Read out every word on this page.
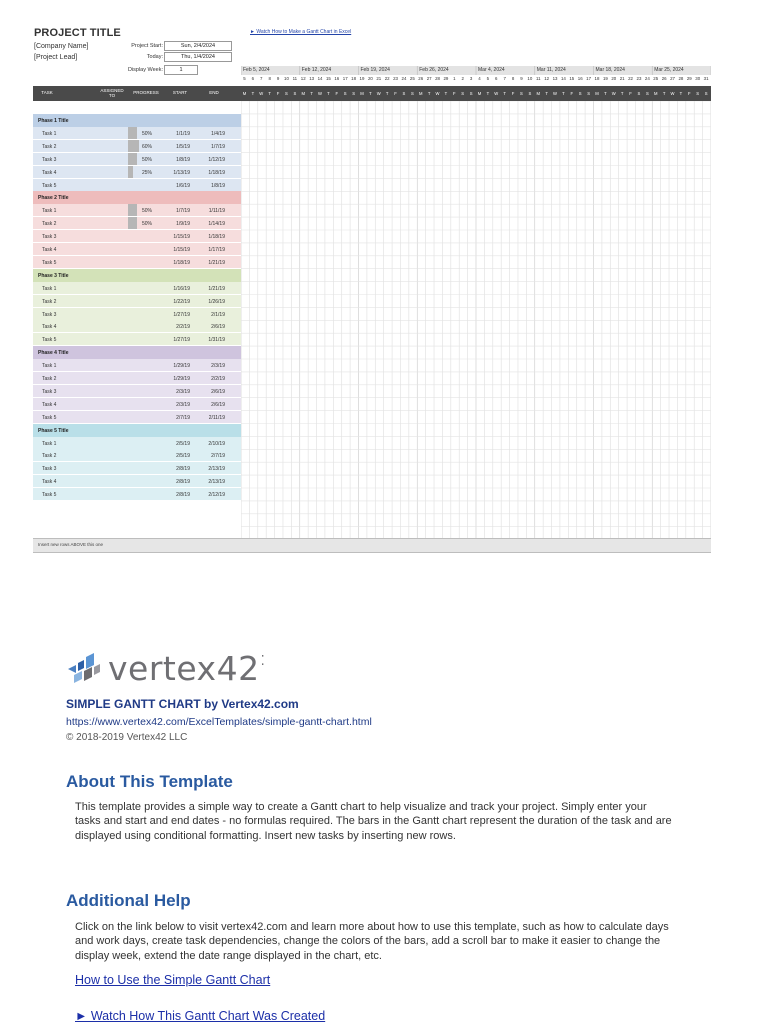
PROJECT TITLE
[Company Name]
[Project Lead]
Project Start:	Sun, 2/4/2024
Today:	Thu, 1/4/2024
Display Week:	1
► Watch How to Make a Gantt Chart in Excel
Feb 5, 2024
5	6	7	8	9	10 11
Feb 12, 2024
12 13 14 15 16 17 18
Feb 19, 2024
19 20 21 22 23 24 25
Feb 26, 2024
26 27 28 29	1	2	3
Mar 4, 2024
4	5	6	7	8	9	10
Mar 11, 2024
11 12 13 14 15 16 17
Mar 18, 2024
18 19 20 21 22 23 24
Mar 25, 2024
25 26 27 28 29 30 31
TASK	ASSIGNED TO	PROGRESS	START	END	M	T	W	T	F	S	S	M	T	W	T	F	S	S	M	T	W	T	F	S	S	M	T	W	T	F	S	S	M	T	W	T	F	S	S	M	T	W	T	F	S	S	M	T	W	T	F	S	S	M	T	W	T	F	S	S
Phase 1 Title
Task 1	50%	1/1/19	1/4/19
Task 2	60%	1/5/19	1/7/19
Task 3	50%	1/8/19	1/12/19
Task 4	25%	1/13/19	1/18/19
Task 5	1/6/19	1/8/19
Phase 2 Title
Task 1	50%	1/7/19	1/11/19
Task 2	50%	1/9/19	1/14/19
Task 3	1/15/19	1/18/19
Task 4	1/15/19	1/17/19
Task 5	1/18/19	1/21/19
Phase 3 Title
Task 1	1/16/19	1/21/19
Task 2	1/22/19	1/26/19
Task 3	1/27/19	2/1/19
Task 4	2/2/19	2/6/19
Task 5	1/27/19	1/31/19
Phase 4 Title
Task 1	1/29/19	2/3/19
Task 2	1/29/19	2/2/19
Task 3	2/3/19	2/6/19
Task 4	2/3/19	2/6/19
Task 5	2/7/19	2/11/19
Phase 5 Title
Task 1	2/5/19	2/10/19
Task 2	2/5/19	2/7/19
Task 3	2/8/19	2/13/19
Task 4	2/8/19	2/13/19
Task 5	2/8/19	2/12/19
Insert new rows ABOVE this one
vertex42 ⁚
SIMPLE GANTT CHART by Vertex42.com
https://www.vertex42.com/ExcelTemplates/simple-gantt-chart.html
© 2018-2019 Vertex42 LLC
About This Template
This template provides a simple way to create a Gantt chart to help visualize and track your project. Simply enter your tasks and start and end dates - no formulas required. The bars in the Gantt chart represent the duration of the task and are displayed using conditional formatting. Insert new tasks by inserting new rows.
Additional Help
Click on the link below to visit vertex42.com and learn more about how to use this template, such as how to calculate days and work days, create task dependencies, change the colors of the bars, add a scroll bar to make it easier to change the display week, extend the date range displayed in the chart, etc.
How to Use the Simple Gantt Chart
► Watch How This Gantt Chart Was Created
